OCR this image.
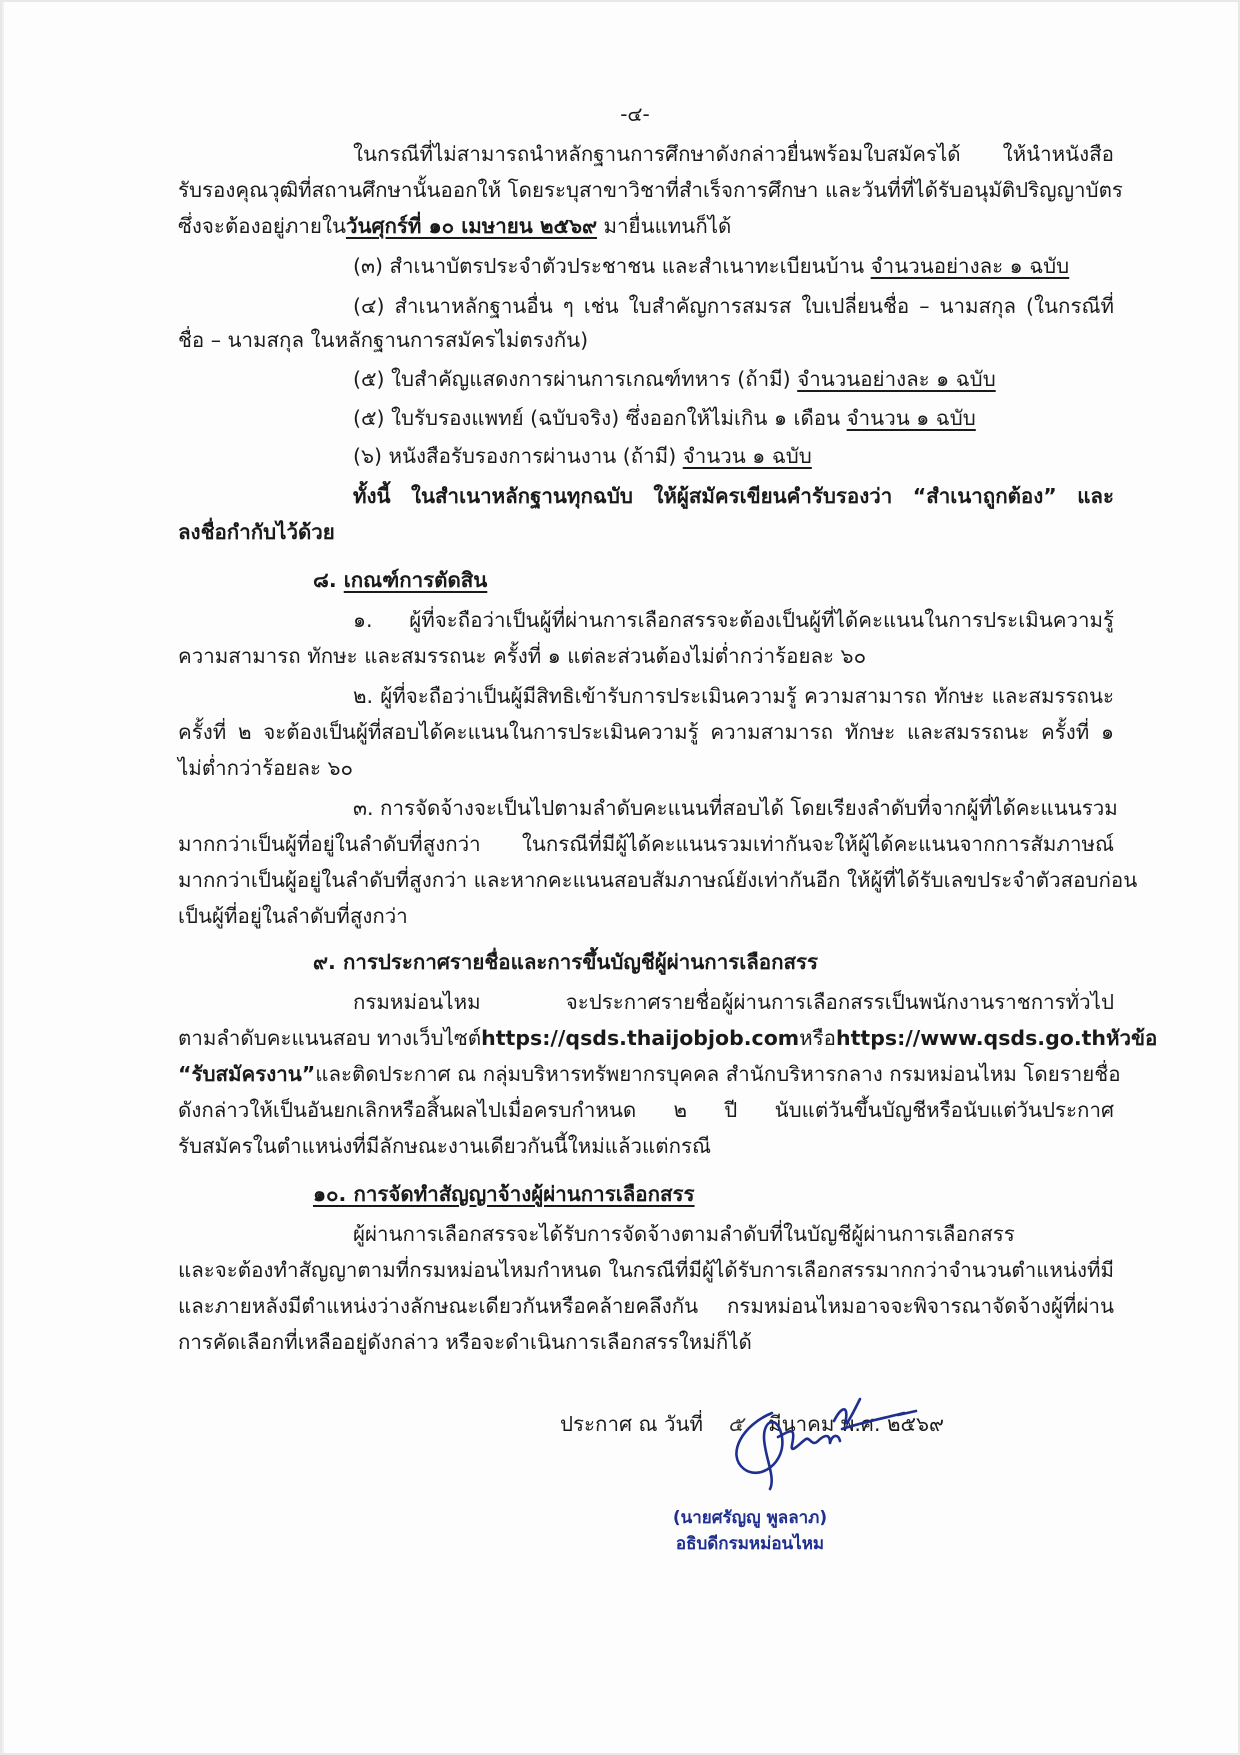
-๔-
ในกรณีที่ไม่สามารถนำหลักฐานการศึกษาดังกล่าวยื่นพร้อมใบสมัครได้ ให้นำหนังสือ
รับรองคุณวุฒิที่สถานศึกษานั้นออกให้ โดยระบุสาขาวิชาที่สำเร็จการศึกษา และวันที่ที่ได้รับอนุมัติปริญญาบัตร
ซึ่งจะต้องอยู่ภายในวันศุกร์ที่ ๑๐ เมษายน ๒๕๖๙ มายื่นแทนก็ได้
(๓) สำเนาบัตรประจำตัวประชาชน และสำเนาทะเบียนบ้าน จำนวนอย่างละ ๑ ฉบับ
(๔) สำเนาหลักฐานอื่น ๆ เช่น ใบสำคัญการสมรส ใบเปลี่ยนชื่อ – นามสกุล (ในกรณีที่
ชื่อ – นามสกุล ในหลักฐานการสมัครไม่ตรงกัน)
(๕) ใบสำคัญแสดงการผ่านการเกณฑ์ทหาร (ถ้ามี) จำนวนอย่างละ ๑ ฉบับ
(๕) ใบรับรองแพทย์ (ฉบับจริง) ซึ่งออกให้ไม่เกิน ๑ เดือน จำนวน ๑ ฉบับ
(๖) หนังสือรับรองการผ่านงาน (ถ้ามี) จำนวน ๑ ฉบับ
ทั้งนี้ ในสำเนาหลักฐานทุกฉบับ ให้ผู้สมัครเขียนคำรับรองว่า “สำเนาถูกต้อง” และ
ลงชื่อกำกับไว้ด้วย
๘. เกณฑ์การตัดสิน
๑. ผู้ที่จะถือว่าเป็นผู้ที่ผ่านการเลือกสรรจะต้องเป็นผู้ที่ได้คะแนนในการประเมินความรู้
ความสามารถ ทักษะ และสมรรถนะ ครั้งที่ ๑ แต่ละส่วนต้องไม่ต่ำกว่าร้อยละ ๖๐
๒. ผู้ที่จะถือว่าเป็นผู้มีสิทธิเข้ารับการประเมินความรู้ ความสามารถ ทักษะ และสมรรถนะ
ครั้งที่ ๒ จะต้องเป็นผู้ที่สอบได้คะแนนในการประเมินความรู้ ความสามารถ ทักษะ และสมรรถนะ ครั้งที่ ๑
ไม่ต่ำกว่าร้อยละ ๖๐
๓. การจัดจ้างจะเป็นไปตามลำดับคะแนนที่สอบได้ โดยเรียงลำดับที่จากผู้ที่ได้คะแนนรวม
มากกว่าเป็นผู้ที่อยู่ในลำดับที่สูงกว่า ในกรณีที่มีผู้ได้คะแนนรวมเท่ากันจะให้ผู้ได้คะแนนจากการสัมภาษณ์
มากกว่าเป็นผู้อยู่ในลำดับที่สูงกว่า และหากคะแนนสอบสัมภาษณ์ยังเท่ากันอีก ให้ผู้ที่ได้รับเลขประจำตัวสอบก่อน
เป็นผู้ที่อยู่ในลำดับที่สูงกว่า
๙. การประกาศรายชื่อและการขึ้นบัญชีผู้ผ่านการเลือกสรร
กรมหม่อนไหม จะประกาศรายชื่อผู้ผ่านการเลือกสรรเป็นพนักงานราชการทั่วไป
ตามลำดับคะแนนสอบ ทางเว็บไซต์ https://qsds.thaijobjob.com หรือ https://www.qsds.go.th หัวข้อ
“รับสมัครงาน” และติดประกาศ ณ กลุ่มบริหารทรัพยากรบุคคล สำนักบริหารกลาง กรมหม่อนไหม โดยรายชื่อ
ดังกล่าวให้เป็นอันยกเลิกหรือสิ้นผลไปเมื่อครบกำหนด ๒ ปี นับแต่วันขึ้นบัญชีหรือนับแต่วันประกาศ
รับสมัครในตำแหน่งที่มีลักษณะงานเดียวกันนี้ใหม่แล้วแต่กรณี
๑๐. การจัดทำสัญญาจ้างผู้ผ่านการเลือกสรร
ผู้ผ่านการเลือกสรรจะได้รับการจัดจ้างตามลำดับที่ในบัญชีผู้ผ่านการเลือกสรร
และจะต้องทำสัญญาตามที่กรมหม่อนไหมกำหนด ในกรณีที่มีผู้ได้รับการเลือกสรรมากกว่าจำนวนตำแหน่งที่มี
และภายหลังมีตำแหน่งว่างลักษณะเดียวกันหรือคล้ายคลึงกัน กรมหม่อนไหมอาจจะพิจารณาจัดจ้างผู้ที่ผ่าน
การคัดเลือกที่เหลืออยู่ดังกล่าว หรือจะดำเนินการเลือกสรรใหม่ก็ได้
ประกาศ ณ วันที่ ๕ มีนาคม พ.ศ. ๒๕๖๙
(นายศรัญญู พูลลาภ)
อธิบดีกรมหม่อนไหม
